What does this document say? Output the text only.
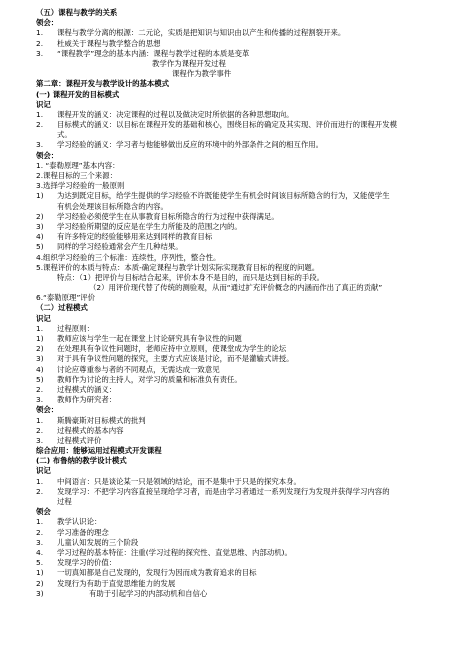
（五）课程与教学的关系
领会：
1. 课程与教学分离的根源：二元论，实质是把知识与知识由以产生和传播的过程割裂开来。
2. 杜威关于课程与教学整合的思想
3. “课程教学”理念的基本内涵：课程与教学过程的本质是变革
教学作为课程开发过程
课程作为教学事件
第二章：课程开发与教学设计的基本模式
(一) 课程开发的目标模式
识记
1. 课程开发的涵义：决定课程的过程以及做决定时所依据的各种思想取向。
2. 目标模式的涵义：以目标在课程开发的基础和核心，围绕目标的确定及其实现、评价而进行的课程开发模
式。
3. 学习经验的涵义：学习者与他能够做出反应的环境中的外部条件之间的相互作用。
领会：
1. “泰勒原理”基本内容：
2.课程目标的三个来源：
3.选择学习经验的一般原则
1) 为达到既定目标，给学生提供的学习经验不许既能使学生有机会时间该目标所隐含的行为，又能使学生
有机会处理该目标所隐含的内容。
2) 学习经验必须使学生在从事教育目标所隐含的行为过程中获得满足。
3) 学习经验所期望的反应是在学生力所能及的范围之内的。
4) 有许多特定的经验能够用来达到同样的教育目标
5) 同样的学习经验通常会产生几种结果。
4.组织学习经验的三个标准：连续性，序列性，整合性。
5.课程评价的本质与特点：本质-确定课程与教学计划实际实现教育目标的程度的问题。
特点：（1）把评价与目标结合起来，评价本身不是目的，而只是达到目标的手段。
（2）用评价现代替了传统的测验观，从而“通过扩充评价概念的内涵而作出了真正的贡献”
6.“泰勒原理”评价
（二）过程模式
识记
1. 过程原则：
1) 教师应该与学生一起在课堂上讨论研究具有争议性的问题
2) 在处理具有争议性问题时，老师应持中立原则，使课堂成为学生的论坛
3) 对于具有争议性问题的探究，主要方式应该是讨论，而不是灌输式讲授。
4) 讨论应尊重参与者的不同观点，无需达成一致意见
5) 教师作为讨论的主持人，对学习的质量和标准负有责任。
2. 过程模式的涵义：
3. 教师作为研究者：
领会：
1. 斯腾豪斯对目标模式的批判
2. 过程模式的基本内容
3. 过程模式评价
综合应用：能够运用过程模式开发课程
(二) 布鲁纳的教学设计模式
识记
1. 中间语言：只是谈论某一只是领域的结论，而不是集中于只是的探究本身。
2. 发现学习：不把学习内容直接呈现给学习者，而是由学习者通过一系列发现行为发现并获得学习内容的
过程
领会
1. 教学认识论：
2. 学习准备的理念
3. 儿童认知发展的三个阶段
4. 学习过程的基本特征：注重(学习过程的探究性、直觉思维、内部动机)。
5. 发现学习的价值：
1) 一切真知都是自己发现的，发现行为因而成为教育追求的目标
2) 发现行为有助于直觉思维能力的发展
3)	有助于引起学习的内部动机和自信心
